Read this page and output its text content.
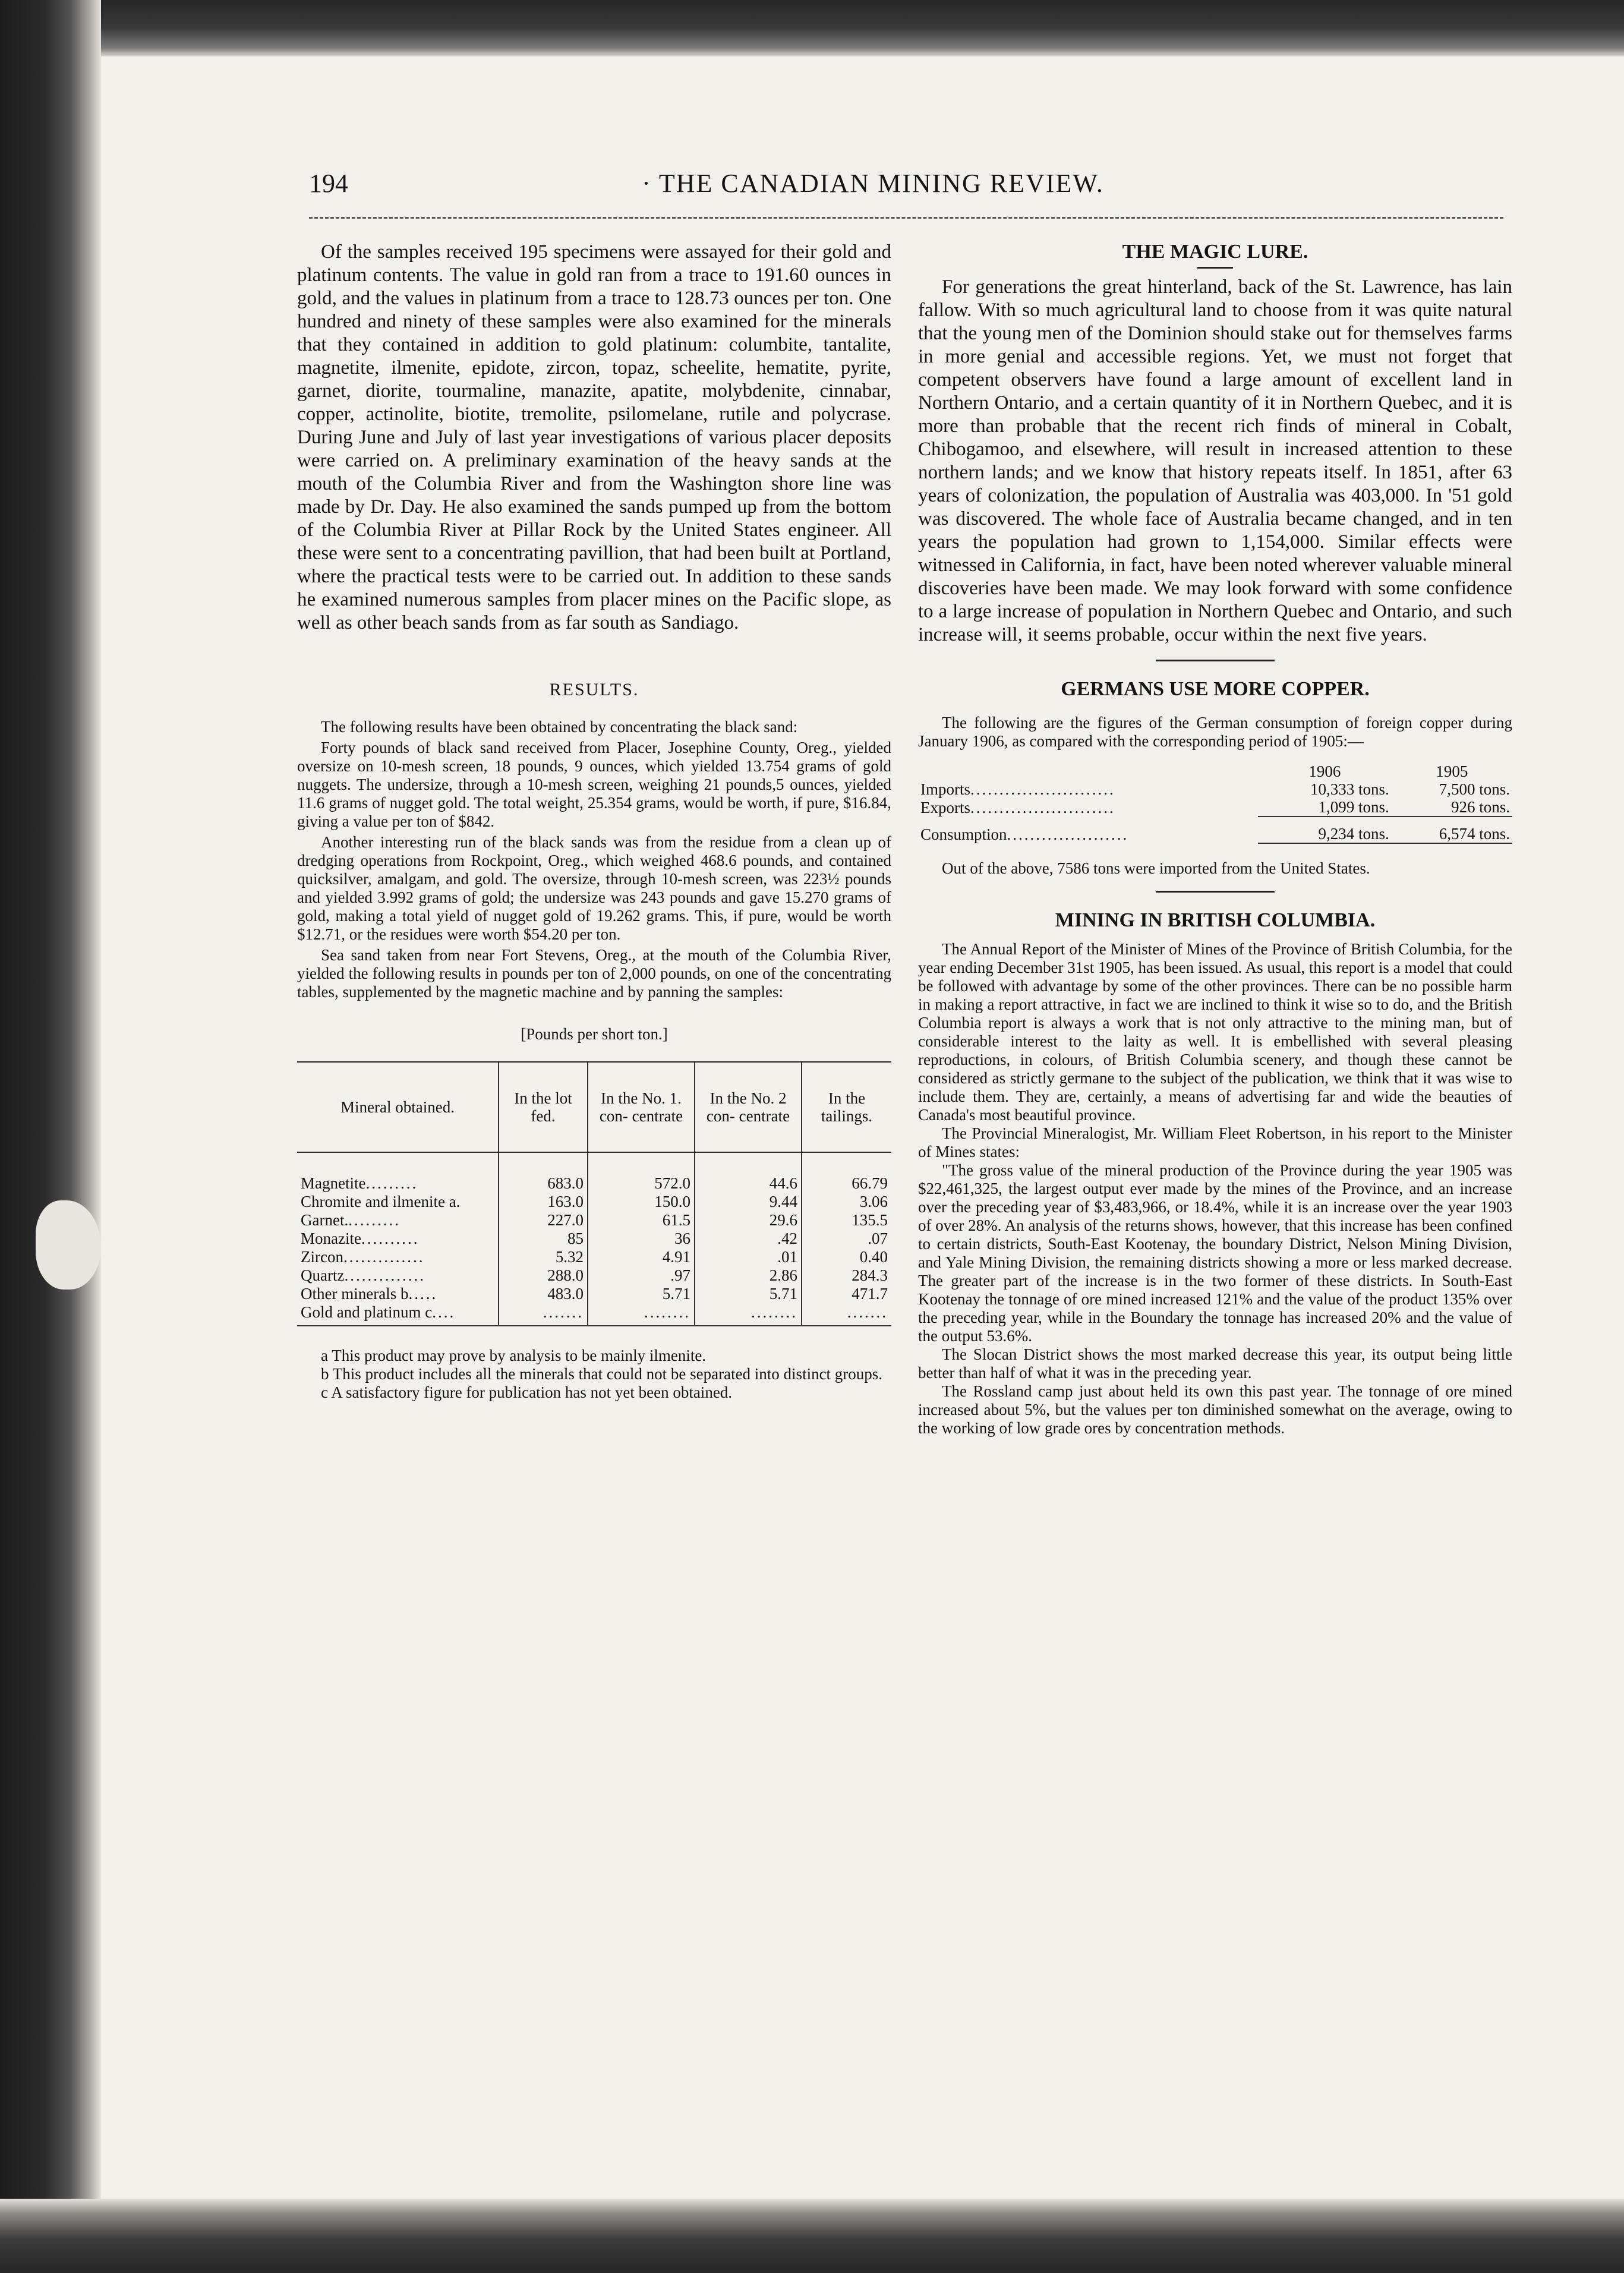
194	· THE CANADIAN MINING REVIEW.

Of the samples received 195 specimens were assayed for their gold and platinum contents. The value in gold ran from a trace to 191.60 ounces in gold, and the values in platinum from a trace to 128.73 ounces per ton. One hundred and ninety of these samples were also examined for the minerals that they contained in addition to gold platinum: columbite, tantalite, magnetite, ilmenite, epidote, zircon, topaz, scheelite, hematite, pyrite, garnet, diorite, tourmaline, manazite, apatite, molybdenite, cinnabar, copper, actinolite, biotite, tremolite, psilomelane, rutile and polycrase. During June and July of last year investigations of various placer deposits were carried on. A preliminary examination of the heavy sands at the mouth of the Columbia River and from the Washington shore line was made by Dr. Day. He also examined the sands pumped up from the bottom of the Columbia River at Pillar Rock by the United States engineer. All these were sent to a concentrating pavillion, that had been built at Portland, where the practical tests were to be carried out. In addition to these sands he examined numerous samples from placer mines on the Pacific slope, as well as other beach sands from as far south as Sandiago.

RESULTS.

The following results have been obtained by concentrating the black sand:

Forty pounds of black sand received from Placer, Josephine County, Oreg., yielded oversize on 10-mesh screen, 18 pounds, 9 ounces, which yielded 13.754 grams of gold nuggets. The undersize, through a 10-mesh screen, weighing 21 pounds,5 ounces, yielded 11.6 grams of nugget gold. The total weight, 25.354 grams, would be worth, if pure, $16.84, giving a value per ton of $842.

Another interesting run of the black sands was from the residue from a clean up of dredging operations from Rockpoint, Oreg., which weighed 468.6 pounds, and contained quicksilver, amalgam, and gold. The oversize, through 10-mesh screen, was 223½ pounds and yielded 3.992 grams of gold; the undersize was 243 pounds and gave 15.270 grams of gold, making a total yield of nugget gold of 19.262 grams. This, if pure, would be worth $12.71, or the residues were worth $54.20 per ton.

Sea sand taken from near Fort Stevens, Oreg., at the mouth of the Columbia River, yielded the following results in pounds per ton of 2,000 pounds, on one of the concentrating tables, supplemented by the magnetic machine and by panning the samples:

[Pounds per short ton.]

Mineral obtained.	In the lot fed.	In the No. 1. con- centrate	In the No. 2 con- centrate	In the tailings.

Magnetite.........	683.0	572.0	44.6	66.79
Chromite and ilmenite a.	163.0	150.0	9.44	3.06
Garnet..........	227.0	61.5	29.6	135.5
Monazite..........	85	36	.42	.07
Zircon..............	5.32	4.91	.01	0.40
Quartz..............	288.0	.97	2.86	284.3
Other minerals b.....	483.0	5.71	5.71	471.7
Gold and platinum c....	.......	........	........	.......

a This product may prove by analysis to be mainly ilmenite.

b This product includes all the minerals that could not be separated into distinct groups.

c A satisfactory figure for publication has not yet been obtained.

THE MAGIC LURE.

For generations the great hinterland, back of the St. Lawrence, has lain fallow. With so much agricultural land to choose from it was quite natural that the young men of the Dominion should stake out for themselves farms in more genial and accessible regions. Yet, we must not forget that competent observers have found a large amount of excellent land in Northern Ontario, and a certain quantity of it in Northern Quebec, and it is more than probable that the recent rich finds of mineral in Cobalt, Chibogamoo, and elsewhere, will result in increased attention to these northern lands; and we know that history repeats itself. In 1851, after 63 years of colonization, the population of Australia was 403,000. In '51 gold was discovered. The whole face of Australia became changed, and in ten years the population had grown to 1,154,000. Similar effects were witnessed in California, in fact, have been noted wherever valuable mineral discoveries have been made. We may look forward with some confidence to a large increase of population in Northern Quebec and Ontario, and such increase will, it seems probable, occur within the next five years.

GERMANS USE MORE COPPER.

The following are the figures of the German consumption of foreign copper during January 1906, as compared with the corresponding period of 1905:—

	1906	1905
Imports.........................	10,333 tons.	7,500 tons.
Exports.........................	1,099 tons.	926 tons.

Consumption.....................	9,234 tons.	6,574 tons.

Out of the above, 7586 tons were imported from the United States.

MINING IN BRITISH COLUMBIA.

The Annual Report of the Minister of Mines of the Province of British Columbia, for the year ending December 31st 1905, has been issued. As usual, this report is a model that could be followed with advantage by some of the other provinces. There can be no possible harm in making a report attractive, in fact we are inclined to think it wise so to do, and the British Columbia report is always a work that is not only attractive to the mining man, but of considerable interest to the laity as well. It is embellished with several pleasing reproductions, in colours, of British Columbia scenery, and though these cannot be considered as strictly germane to the subject of the publication, we think that it was wise to include them. They are, certainly, a means of advertising far and wide the beauties of Canada's most beautiful province.

The Provincial Mineralogist, Mr. William Fleet Robertson, in his report to the Minister of Mines states:

"The gross value of the mineral production of the Province during the year 1905 was $22,461,325, the largest output ever made by the mines of the Province, and an increase over the preceding year of $3,483,966, or 18.4%, while it is an increase over the year 1903 of over 28%. An analysis of the returns shows, however, that this increase has been confined to certain districts, South-East Kootenay, the boundary District, Nelson Mining Division, and Yale Mining Division, the remaining districts showing a more or less marked decrease. The greater part of the increase is in the two former of these districts. In South-East Kootenay the tonnage of ore mined increased 121% and the value of the product 135% over the preceding year, while in the Boundary the tonnage has increased 20% and the value of the output 53.6%.

The Slocan District shows the most marked decrease this year, its output being little better than half of what it was in the preceding year.

The Rossland camp just about held its own this past year. The tonnage of ore mined increased about 5%, but the values per ton diminished somewhat on the average, owing to the working of low grade ores by concentration methods.
